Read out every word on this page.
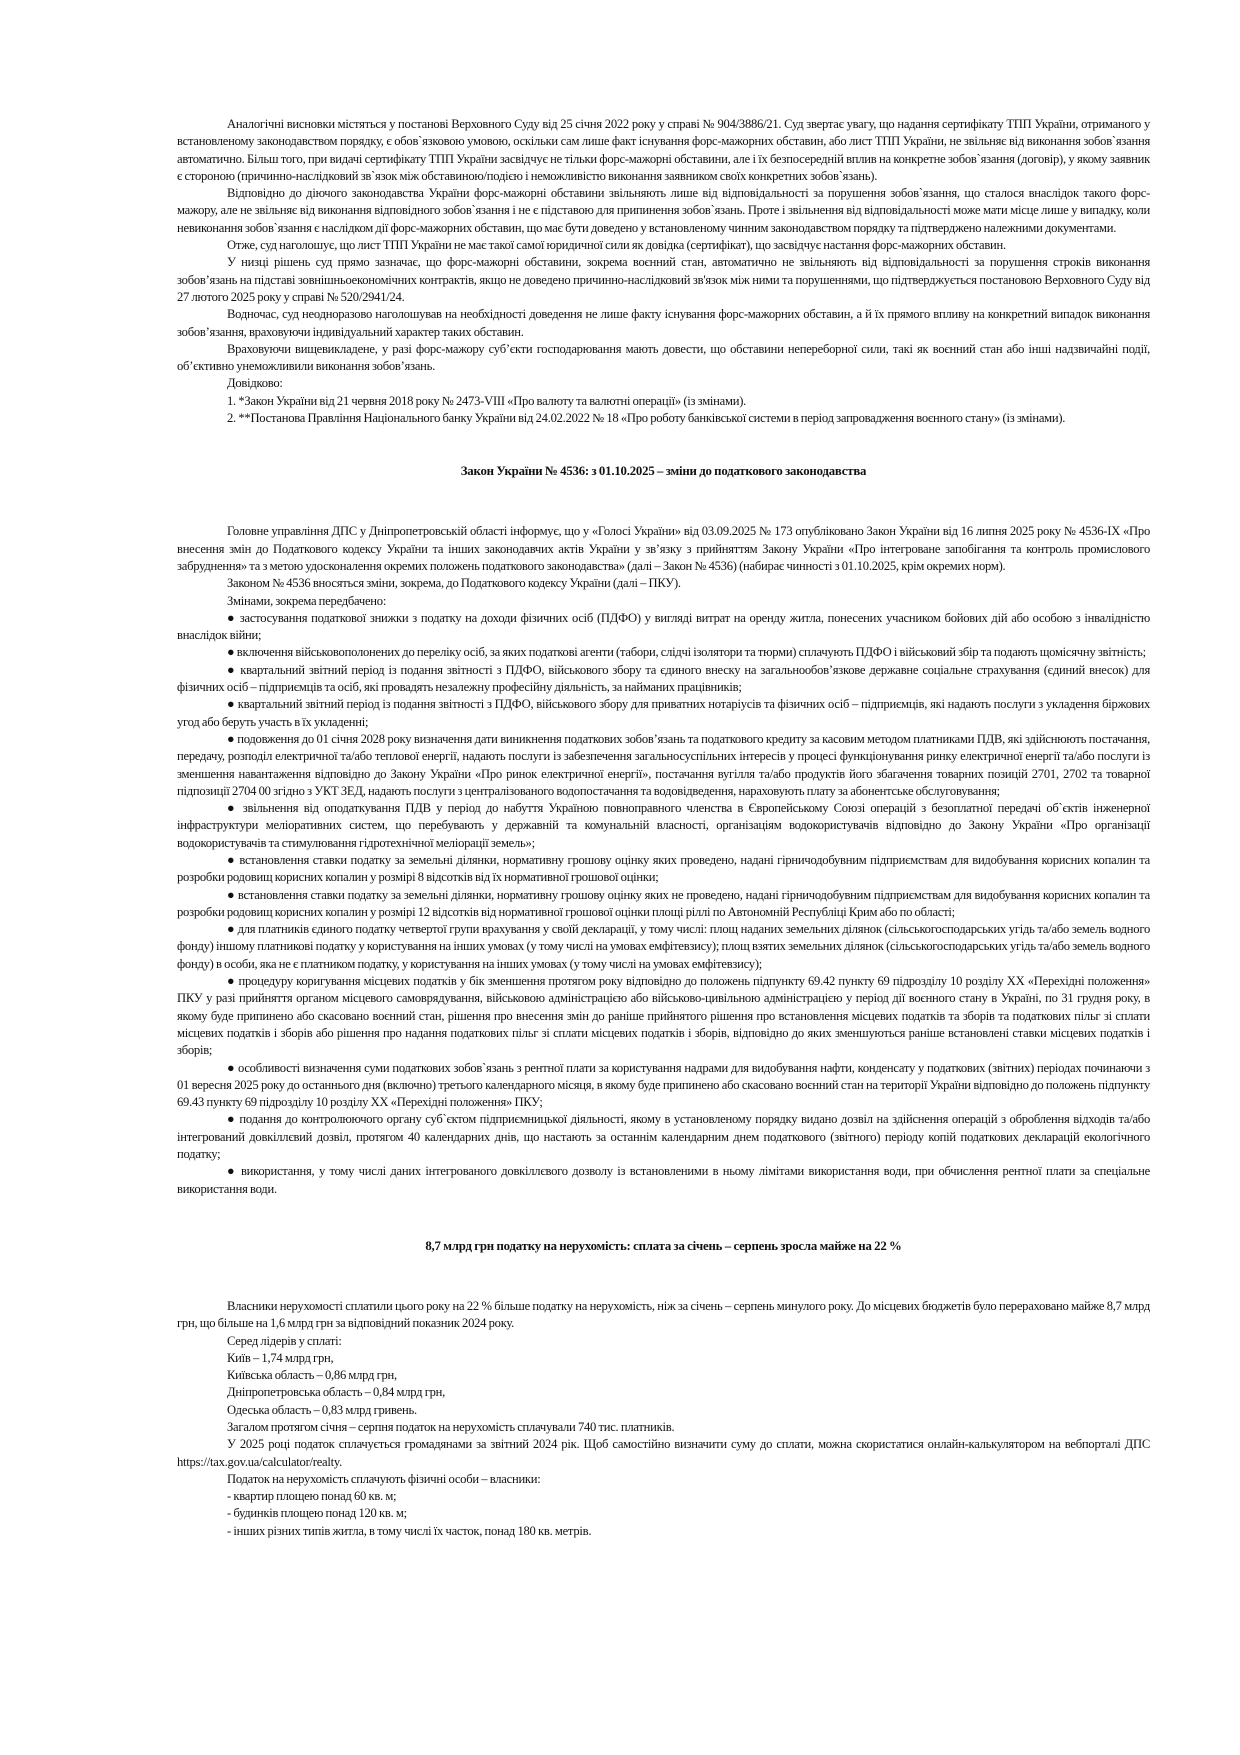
Аналогічні висновки містяться у постанові Верховного Суду від 25 січня 2022 року у справі № 904/3886/21. Суд звертає увагу, що надання сертифікату ТПП України, отриманого у встановленому законодавством порядку, є обов`язковою умовою, оскільки сам лише факт існування форс-мажорних обставин, або лист ТПП України, не звільняє від виконання зобов`язання автоматично. Більш того, при видачі сертифікату ТПП України засвідчує не тільки форс-мажорні обставини, але і їх безпосередній вплив на конкретне зобов`язання (договір), у якому заявник є стороною (причинно-наслідковий зв`язок між обставиною/подією і неможливістю виконання заявником своїх конкретних зобов`язань).

Відповідно до діючого законодавства України форс-мажорні обставини звільняють лише від відповідальності за порушення зобов`язання, що сталося внаслідок такого форс-мажору, але не звільняє від виконання відповідного зобов`язання і не є підставою для припинення зобов`язань. Проте і звільнення від відповідальності може мати місце лише у випадку, коли невиконання зобов`язання є наслідком дії форс-мажорних обставин, що має бути доведено у встановленому чинним законодавством порядку та підтверджено належними документами.

Отже, суд наголошує, що лист ТПП України не має такої самої юридичної сили як довідка (сертифікат), що засвідчує настання форс-мажорних обставин.

У низці рішень суд прямо зазначає, що форс-мажорні обставини, зокрема воєнний стан, автоматично не звільняють від відповідальності за порушення строків виконання зобов’язань на підставі зовнішньоекономічних контрактів, якщо не доведено причинно-наслідковий зв'язок між ними та порушеннями, що підтверджується постановою Верховного Суду від 27 лютого 2025 року у справі № 520/2941/24.

Водночас, суд неодноразово наголошував на необхідності доведення не лише факту існування форс-мажорних обставин, а й їх прямого впливу на конкретний випадок виконання зобов’язання, враховуючи індивідуальний характер таких обставин.

Враховуючи вищевикладене, у разі форс-мажору суб’єкти господарювання мають довести, що обставини непереборної сили, такі як воєнний стан або інші надзвичайні події, об’єктивно унеможливили виконання зобов’язань.

Довідково:

1. *Закон України від 21 червня 2018 року № 2473-VIII «Про валюту та валютні операції» (із змінами).

2. **Постанова Правління Національного банку України від 24.02.2022 № 18 «Про роботу банківської системи в період запровадження воєнного стану» (із змінами).

Закон України № 4536: з 01.10.2025 – зміни до податкового законодавства

Головне управління ДПС у Дніпропетровській області інформує, що у «Голосі України» від 03.09.2025 № 173 опубліковано Закон України від 16 липня 2025 року № 4536-IX «Про внесення змін до Податкового кодексу України та інших законодавчих актів України у зв’язку з прийняттям Закону України «Про інтегроване запобігання та контроль промислового забруднення» та з метою удосконалення окремих положень податкового законодавства» (далі – Закон № 4536) (набирає чинності з 01.10.2025, крім окремих норм).

Законом № 4536 вносяться зміни, зокрема, до Податкового кодексу України (далі – ПКУ).

Змінами, зокрема передбачено:

● застосування податкової знижки з податку на доходи фізичних осіб (ПДФО) у вигляді витрат на оренду житла, понесених учасником бойових дій або особою з інвалідністю внаслідок війни;

● включення військовополонених до переліку осіб, за яких податкові агенти (табори, слідчі ізолятори та тюрми) сплачують ПДФО і військовий збір та подають щомісячну звітність;

● квартальний звітний період із подання звітності з ПДФО, військового збору та єдиного внеску на загальнообов’язкове державне соціальне страхування (єдиний внесок) для фізичних осіб – підприємців та осіб, які провадять незалежну професійну діяльність, за найманих працівників;

● квартальний звітний період із подання звітності з ПДФО, військового збору для приватних нотаріусів та фізичних осіб – підприємців, які надають послуги з укладення біржових угод або беруть участь в їх укладенні;

● подовження до 01 січня 2028 року визначення дати виникнення податкових зобов’язань та податкового кредиту за касовим методом платниками ПДВ, які здійснюють постачання, передачу, розподіл електричної та/або теплової енергії, надають послуги із забезпечення загальносуспільних інтересів у процесі функціонування ринку електричної енергії та/або послуги із зменшення навантаження відповідно до Закону України «Про ринок електричної енергії», постачання вугілля та/або продуктів його збагачення товарних позицій 2701, 2702 та товарної підпозиції 2704 00 згідно з УКТ ЗЕД, надають послуги з централізованого водопостачання та водовідведення, нараховують плату за абонентське обслуговування;

● звільнення від оподаткування ПДВ у період до набуття Україною повноправного членства в Європейському Союзі операцій з безоплатної передачі об`єктів інженерної інфраструктури меліоративних систем, що перебувають у державній та комунальній власності, організаціям водокористувачів відповідно до Закону України «Про організації водокористувачів та стимулювання гідротехнічної меліорації земель»;

● встановлення ставки податку за земельні ділянки, нормативну грошову оцінку яких проведено, надані гірничодобувним підприємствам для видобування корисних копалин та розробки родовищ корисних копалин у розмірі 8 відсотків від їх нормативної грошової оцінки;

● встановлення ставки податку за земельні ділянки, нормативну грошову оцінку яких не проведено, надані гірничодобувним підприємствам для видобування корисних копалин та розробки родовищ корисних копалин у розмірі 12 відсотків від нормативної грошової оцінки площі ріллі по Автономній Республіці Крим або по області;

● для платників єдиного податку четвертої групи врахування у своїй декларації, у тому числі: площ наданих земельних ділянок (сільськогосподарських угідь та/або земель водного фонду) іншому платникові податку у користування на інших умовах (у тому числі на умовах емфітевзису); площ взятих земельних ділянок (сільськогосподарських угідь та/або земель водного фонду) в особи, яка не є платником податку, у користування на інших умовах (у тому числі на умовах емфітевзису);

● процедуру коригування місцевих податків у бік зменшення протягом року відповідно до положень підпункту 69.42 пункту 69 підрозділу 10 розділу XX «Перехідні положення» ПКУ у разі прийняття органом місцевого самоврядування, військовою адміністрацією або військово-цивільною адміністрацією у період дії воєнного стану в Україні, по 31 грудня року, в якому буде припинено або скасовано воєнний стан, рішення про внесення змін до раніше прийнятого рішення про встановлення місцевих податків та зборів та податкових пільг зі сплати місцевих податків і зборів або рішення про надання податкових пільг зі сплати місцевих податків і зборів, відповідно до яких зменшуються раніше встановлені ставки місцевих податків і зборів;

● особливості визначення суми податкових зобов`язань з рентної плати за користування надрами для видобування нафти, конденсату у податкових (звітних) періодах починаючи з 01 вересня 2025 року до останнього дня (включно) третього календарного місяця, в якому буде припинено або скасовано воєнний стан на території України відповідно до положень підпункту 69.43 пункту 69 підрозділу 10 розділу XX «Перехідні положення» ПКУ;

● подання до контролюючого органу суб`єктом підприємницької діяльності, якому в установленому порядку видано дозвіл на здійснення операцій з оброблення відходів та/або інтегрований довкіллєвий дозвіл, протягом 40 календарних днів, що настають за останнім календарним днем податкового (звітного) періоду копій податкових декларацій екологічного податку;

● використання, у тому числі даних інтегрованого довкіллєвого дозволу із встановленими в ньому лімітами використання води, при обчислення рентної плати за спеціальне використання води.

8,7 млрд грн податку на нерухомість: сплата за січень – серпень зросла майже на 22 %

Власники нерухомості сплатили цього року на 22 % більше податку на нерухомість, ніж за січень – серпень минулого року. До місцевих бюджетів було перераховано майже 8,7 млрд грн, що більше на 1,6 млрд грн за відповідний показник 2024 року.

Серед лідерів у сплаті:

Київ – 1,74 млрд грн,

Київська область – 0,86 млрд грн,

Дніпропетровська область – 0,84 млрд грн,

Одеська область – 0,83 млрд гривень.

Загалом протягом січня – серпня податок на нерухомість сплачували 740 тис. платників.

У 2025 році податок сплачується громадянами за звітний 2024 рік. Щоб самостійно визначити суму до сплати, можна скористатися онлайн-калькулятором на вебпорталі ДПС https://tax.gov.ua/calculator/realty.

Податок на нерухомість сплачують фізичні особи – власники:

- квартир площею понад 60 кв. м;

- будинків площею понад 120 кв. м;

- інших різних типів житла, в тому числі їх часток, понад 180 кв. метрів.
